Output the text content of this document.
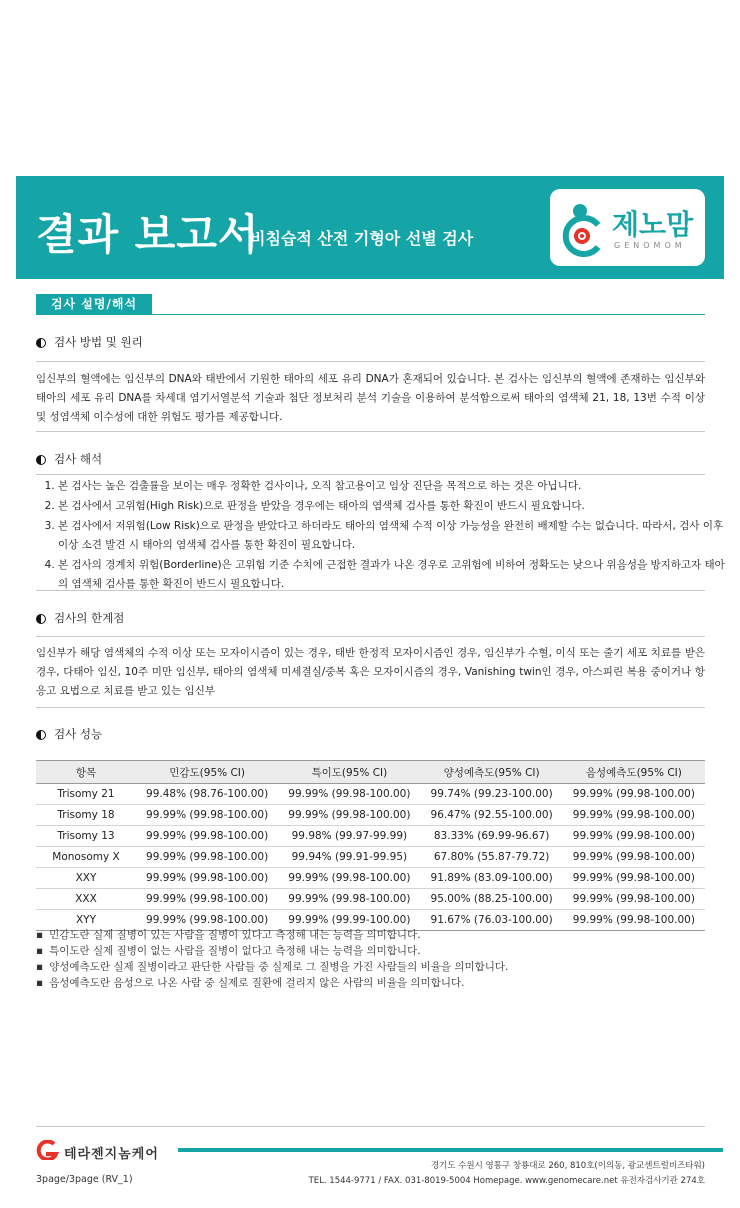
결과 보고서
비침습적 산전 기형아 선별 검사	제노맘
GENOMOM
검사 설명/해석
검사 방법 및 원리
임신부의 혈액에는 임신부의 DNA와 태반에서 기원한 태아의 세포 유리 DNA가 혼재되어 있습니다. 본 검사는 임신부의 혈액에 존재하는 임신부와 태아의 세포 유리 DNA를 차세대 염기서열분석 기술과 첨단 정보처리 분석 기술을 이용하여 분석함으로써 태아의 염색체 21, 18, 13번 수적 이상 및 성염색체 이수성에 대한 위험도 평가를 제공합니다.
검사 해석
1. 본 검사는 높은 검출률을 보이는 매우 정확한 검사이나, 오직 참고용이고 임상 진단을 목적으로 하는 것은 아닙니다.
2. 본 검사에서 고위험(High Risk)으로 판정을 받았을 경우에는 태아의 염색체 검사를 통한 확진이 반드시 필요합니다.
3. 본 검사에서 저위험(Low Risk)으로 판정을 받았다고 하더라도 태아의 염색체 수적 이상 가능성을 완전히 배제할 수는 없습니다. 따라서, 검사 이후 이상 소견 발견 시 태아의 염색체 검사를 통한 확진이 필요합니다.
4. 본 검사의 경계치 위험(Borderline)은 고위험 기준 수치에 근접한 결과가 나온 경우로 고위험에 비하여 정확도는 낮으나 위음성을 방지하고자 태아의 염색체 검사를 통한 확진이 반드시 필요합니다.
검사의 한계점
임신부가 해당 염색체의 수적 이상 또는 모자이시즘이 있는 경우, 태반 한정적 모자이시즘인 경우, 임신부가 수혈, 이식 또는 줄기 세포 치료를 받은 경우, 다태아 임신, 10주 미만 임신부, 태아의 염색체 미세결실/중복 혹은 모자이시즘의 경우, Vanishing twin인 경우, 아스피린 복용 중이거나 항 응고 요법으로 치료를 받고 있는 임신부
검사 성능
항목	민감도(95% CI)	특이도(95% CI)	양성예측도(95% CI)	음성예측도(95% CI)
Trisomy 21	99.48% (98.76-100.00)	99.99% (99.98-100.00)	99.74% (99.23-100.00)	99.99% (99.98-100.00)
Trisomy 18	99.99% (99.98-100.00)	99.99% (99.98-100.00)	96.47% (92.55-100.00)	99.99% (99.98-100.00)
Trisomy 13	99.99% (99.98-100.00)	99.98% (99.97-99.99)	83.33% (69.99-96.67)	99.99% (99.98-100.00)
Monosomy X	99.99% (99.98-100.00)	99.94% (99.91-99.95)	67.80% (55.87-79.72)	99.99% (99.98-100.00)
XXY	99.99% (99.98-100.00)	99.99% (99.98-100.00)	91.89% (83.09-100.00)	99.99% (99.98-100.00)
XXX	99.99% (99.98-100.00)	99.99% (99.98-100.00)	95.00% (88.25-100.00)	99.99% (99.98-100.00)
XYY	99.99% (99.98-100.00)	99.99% (99.99-100.00)	91.67% (76.03-100.00)	99.99% (99.98-100.00)
▪ 민감도란 실제 질병이 있는 사람을 질병이 있다고 측정해 내는 능력을 의미합니다.
▪ 특이도란 실제 질병이 없는 사람을 질병이 없다고 측정해 내는 능력을 의미합니다.
▪ 양성예측도란 실제 질병이라고 판단한 사람들 중 실제로 그 질병을 가진 사람들의 비율을 의미합니다.
▪ 음성예측도란 음성으로 나온 사람 중 실제로 질환에 걸리지 않은 사람의 비율을 의미합니다.
테라젠지놈케어
3page/3page (RV_1)
경기도 수원시 영통구 창룡대로 260, 810호(이의동, 광교센트럴비즈타워)
TEL. 1544-9771 / FAX. 031-8019-5004 Homepage. www.genomecare.net 유전자검사기관 274호
